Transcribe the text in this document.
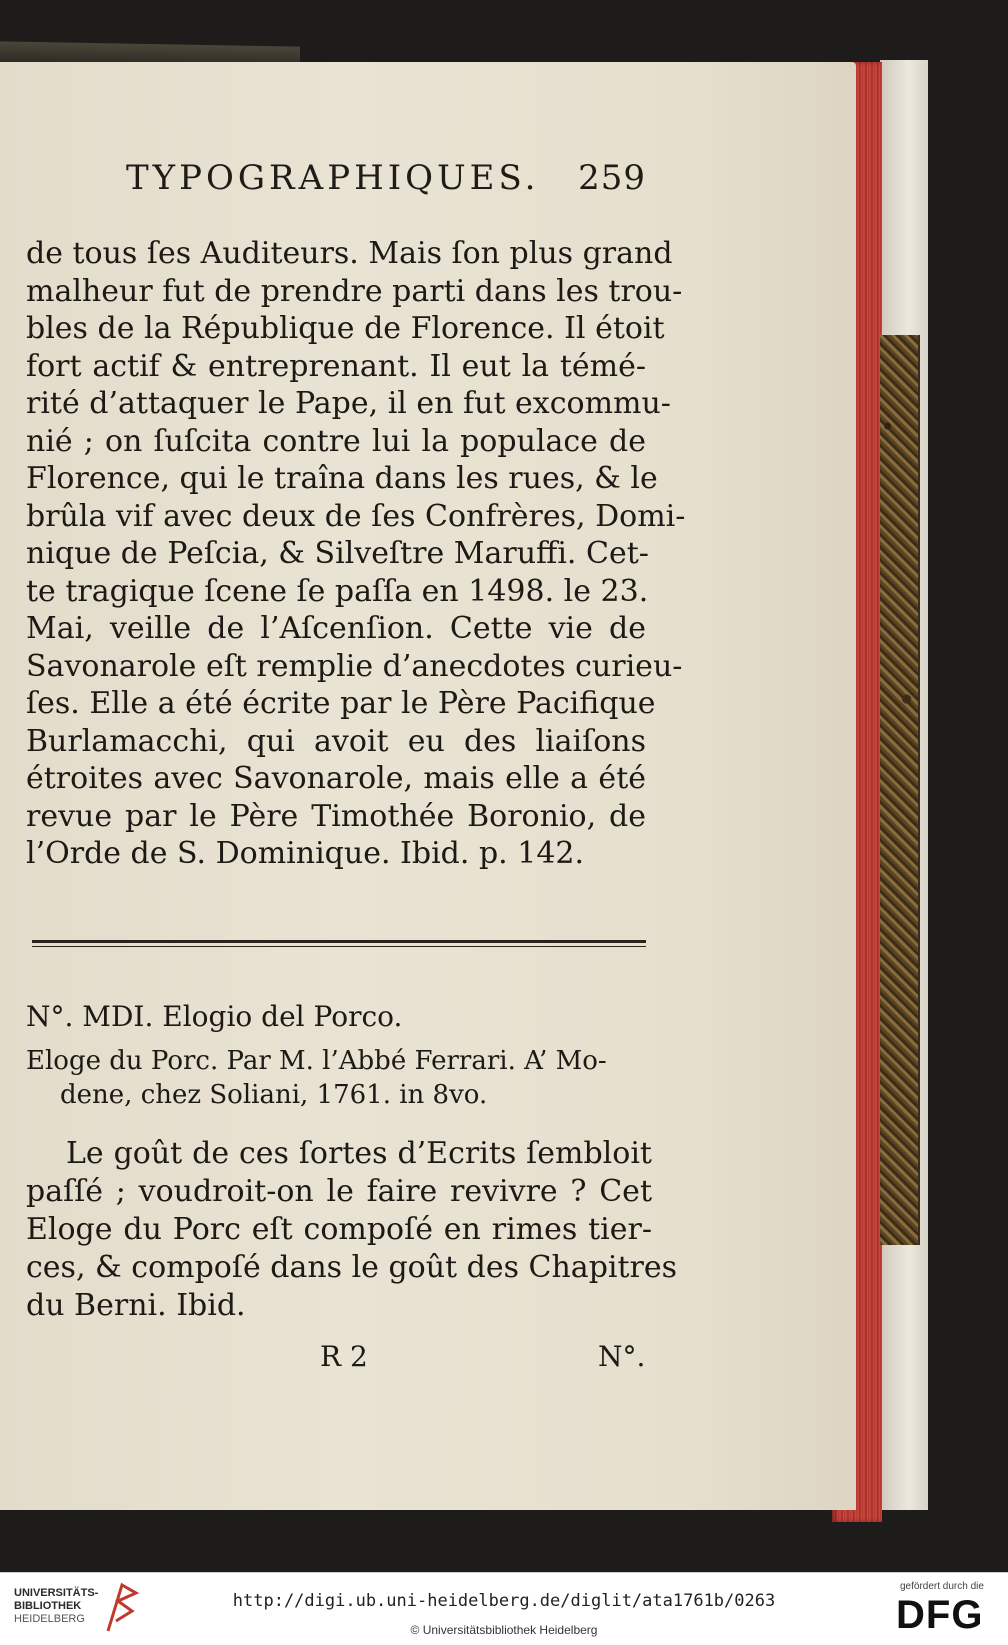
TYPOGRAPHIQUES. 259
de tous ſes Auditeurs. Mais ſon plus grand
malheur fut de prendre parti dans les trou-
bles de la République de Florence. Il étoit
fort actif & entreprenant. Il eut la témé-
rité d’attaquer le Pape, il en fut excommu-
nié ; on ſuſcita contre lui la populace de
Florence, qui le traîna dans les rues, & le
brûla vif avec deux de ſes Confrères, Domi-
nique de Peſcia, & Silveſtre Maruffi. Cet-
te tragique ſcene ſe paſſa en 1498. le 23.
Mai, veille de l’Aſcenſion. Cette vie de
Savonarole eſt remplie d’anecdotes curieu-
ſes. Elle a été écrite par le Père Pacifique
Burlamacchi, qui avoit eu des liaiſons
étroites avec Savonarole, mais elle a été
revue par le Père Timothée Boronio, de
l’Orde de S. Dominique. Ibid. p. 142.
N°. MDI. Elogio del Porco.
Eloge du Porc. Par M. l’Abbé Ferrari. A’ Mo-
dene, chez Soliani, 1761. in 8vo.
Le goût de ces ſortes d’Ecrits ſembloit
paſſé ; voudroit-on le faire revivre ? Cet
Eloge du Porc eſt compoſé en rimes tier-
ces, & compoſé dans le goût des Chapitres
du Berni. Ibid.
R 2	N°.
UNIVERSITÄTS-
BIBLIOTHEK
HEIDELBERG
http://digi.ub.uni-heidelberg.de/diglit/ata1761b/0263
© Universitätsbibliothek Heidelberg
gefördert durch die
DFG
